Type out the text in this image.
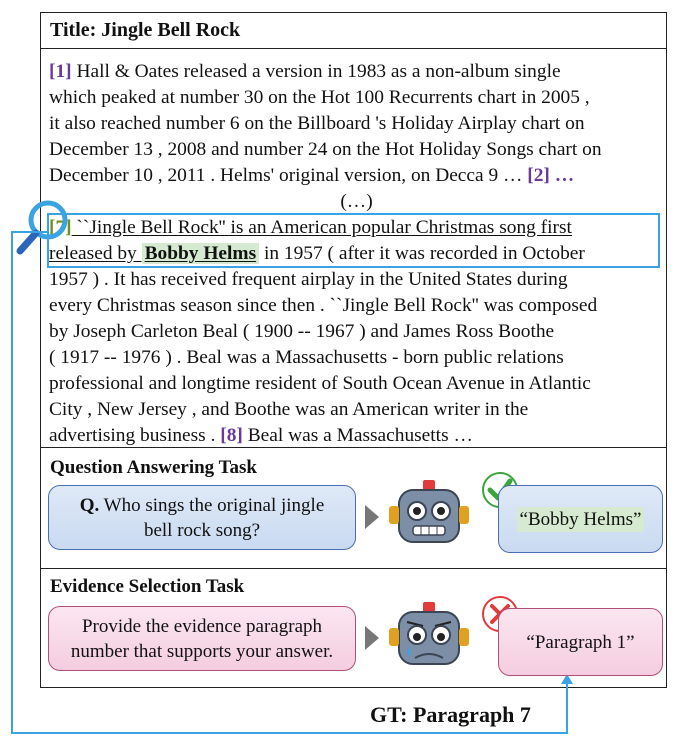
Title: Jingle Bell Rock
[1] Hall & Oates released a version in 1983 as a non-album single
which peaked at number 30 on the Hot 100 Recurrents chart in 2005 ,
it also reached number 6 on the Billboard 's Holiday Airplay chart on
December 13 , 2008 and number 24 on the Hot Holiday Songs chart on
December 10 , 2011 . Helms' original version, on Decca 9 … [2] …
(…)
[7] ``Jingle Bell Rock'' is an American popular Christmas song first
released by Bobby Helms in 1957 ( after it was recorded in October
1957 ) . It has received frequent airplay in the United States during
every Christmas season since then . ``Jingle Bell Rock'' was composed
by Joseph Carleton Beal ( 1900 -- 1967 ) and James Ross Boothe
( 1917 -- 1976 ) . Beal was a Massachusetts - born public relations
professional and longtime resident of South Ocean Avenue in Atlantic
City , New Jersey , and Boothe was an American writer in the
advertising business . [8] Beal was a Massachusetts …
Question Answering Task
Evidence Selection Task
Q. Who sings the original jingle
bell rock song?
“Bobby Helms”
Provide the evidence paragraph
number that supports your answer.	“Paragraph 1”
GT: Paragraph 7
